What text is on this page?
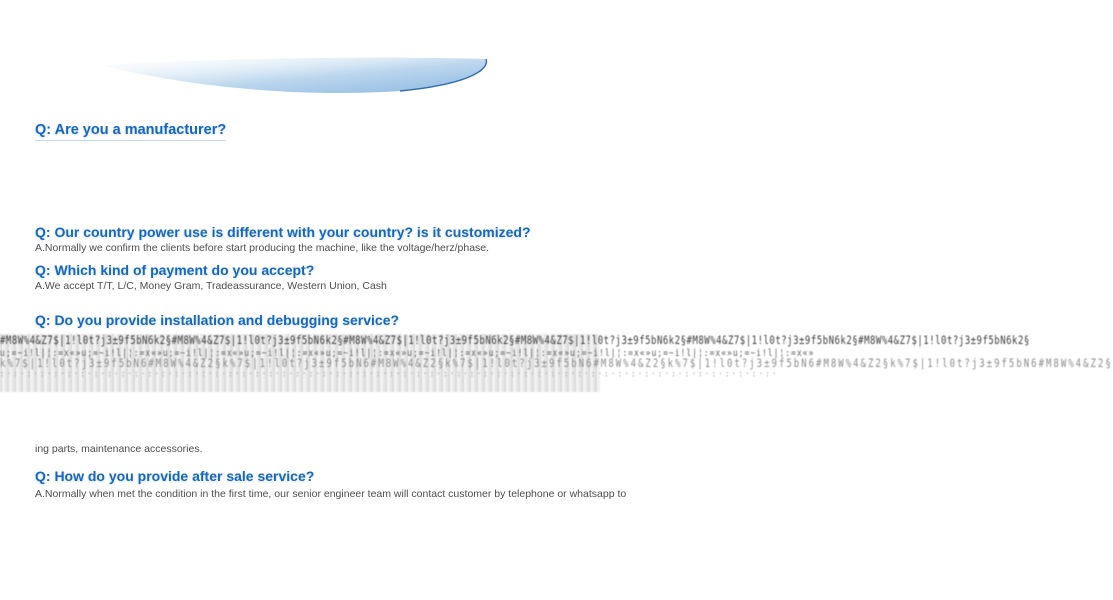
Q: Are you a manufacturer?
Q: Our country power use is different with your country? is it customized?
A.Normally we confirm the clients before start producing the machine, like the voltage/herz/phase.
Q: Which kind of payment do you accept?
A.We accept T/T, L/C, Money Gram, Tradeassurance, Western Union, Cash
Q: Do you provide installation and debugging service?
#M8W%4&Z7$|1!l0t?j3±9f5bN6k2§#M8W%4&Z7$|1!l0t?j3±9f5bN6k2§#M8W%4&Z7$|1!l0t?j3±9f5bN6k2§#M8W%4&Z7$|1!l0t?j3±9f5bN6k2§#M8W%4&Z7$|1!l0t?j3±9f5bN6k2§#M8W%4&Z7$|1!l0t?j3±9f5bN6k2§
u;=~i!l|¦:=x«»u;=~i!l|¦:=x«»u;=~i!l|¦:=x«»u;=~i!l|¦:=x«»u;=~i!l|¦:=x«»u;=~i!l|¦:=x«»u;=~i!l|¦:=x«»u;=~i!l|¦:=x«»u;=~i!l|¦:=x«»u;=~i!l|¦:=x«»
k%7$|1!l0t?j3±9f5bN6#M8W%4&Z2§k%7$|1!l0t?j3±9f5bN6#M8W%4&Z2§k%7$|1!l0t?j3±9f5bN6#M8W%4&Z2§k%7$|1!l0t?j3±9f5bN6#M8W%4&Z2§k%7$|1!l0t?j3±9f5bN6#M8W%4&Z2§
:·:·:·:·:·:·:·:·:·:·:·:·:·:·:·:·:·:·:·:·:·:·:·:·:·:·:·:·:·:·:·:·:·:·:·:·:·:·:·:·:·:·:·:·:·:·:·:·:·:·:·:·:·:·:·:·:·:·
ing parts, maintenance accessories.
Q: How do you provide after sale service?
A.Normally when met the condition in the first time, our senior engineer team will contact customer by telephone or whatsapp to
